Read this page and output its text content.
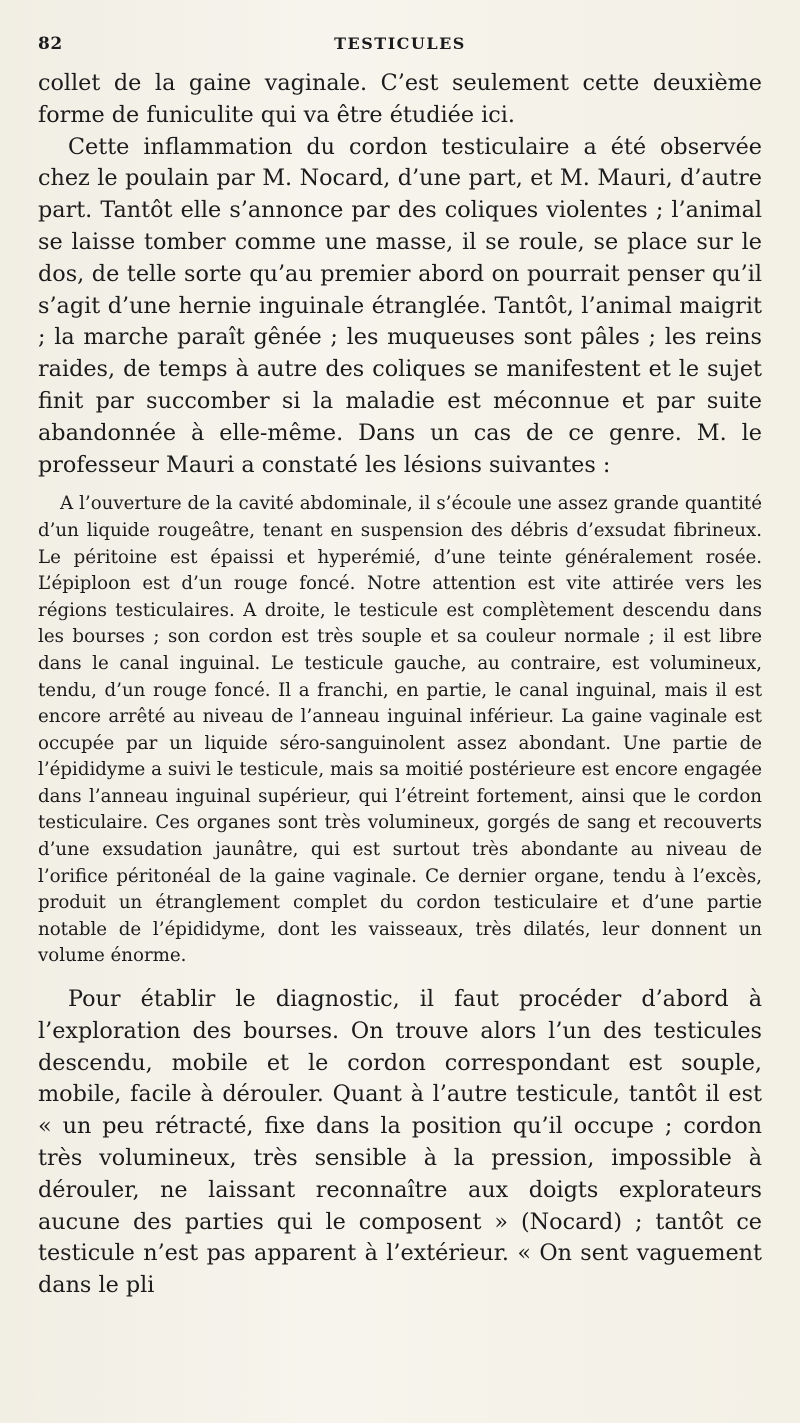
82	TESTICULES

collet de la gaine vaginale. C’est seulement cette deuxième forme de funiculite qui va être étudiée ici.

Cette inflammation du cordon testiculaire a été observée chez le poulain par M. Nocard, d’une part, et M. Mauri, d’autre part. Tantôt elle s’annonce par des coliques violentes ; l’animal se laisse tomber comme une masse, il se roule, se place sur le dos, de telle sorte qu’au premier abord on pourrait penser qu’il s’agit d’une hernie inguinale étranglée. Tantôt, l’animal maigrit ; la marche paraît gênée ; les muqueuses sont pâles ; les reins raides, de temps à autre des coliques se manifestent et le sujet finit par succomber si la maladie est méconnue et par suite abandonnée à elle-même. Dans un cas de ce genre. M. le professeur Mauri a constaté les lésions suivantes :

A l’ouverture de la cavité abdominale, il s’écoule une assez grande quantité d’un liquide rougeâtre, tenant en suspension des débris d’exsudat fibrineux. Le péritoine est épaissi et hyperémié, d’une teinte généralement rosée. L’épiploon est d’un rouge foncé. Notre attention est vite attirée vers les régions testiculaires. A droite, le testicule est complètement descendu dans les bourses ; son cordon est très souple et sa couleur normale ; il est libre dans le canal inguinal. Le testicule gauche, au contraire, est volumineux, tendu, d’un rouge foncé. Il a franchi, en partie, le canal inguinal, mais il est encore arrêté au niveau de l’anneau inguinal inférieur. La gaine vaginale est occupée par un liquide séro-sanguinolent assez abondant. Une partie de l’épididyme a suivi le testicule, mais sa moitié postérieure est encore engagée dans l’anneau inguinal supérieur, qui l’étreint fortement, ainsi que le cordon testiculaire. Ces organes sont très volumineux, gorgés de sang et recouverts d’une exsudation jaunâtre, qui est surtout très abondante au niveau de l’orifice péritonéal de la gaine vaginale. Ce dernier organe, tendu à l’excès, produit un étranglement complet du cordon testiculaire et d’une partie notable de l’épididyme, dont les vaisseaux, très dilatés, leur donnent un volume énorme.

Pour établir le diagnostic, il faut procéder d’abord à l’exploration des bourses. On trouve alors l’un des testicules descendu, mobile et le cordon correspondant est souple, mobile, facile à dérouler. Quant à l’autre testicule, tantôt il est « un peu rétracté, fixe dans la position qu’il occupe ; cordon très volumineux, très sensible à la pression, impossible à dérouler, ne laissant reconnaître aux doigts explorateurs aucune des parties qui le composent » (Nocard) ; tantôt ce testicule n’est pas apparent à l’extérieur. « On sent vaguement dans le pli
